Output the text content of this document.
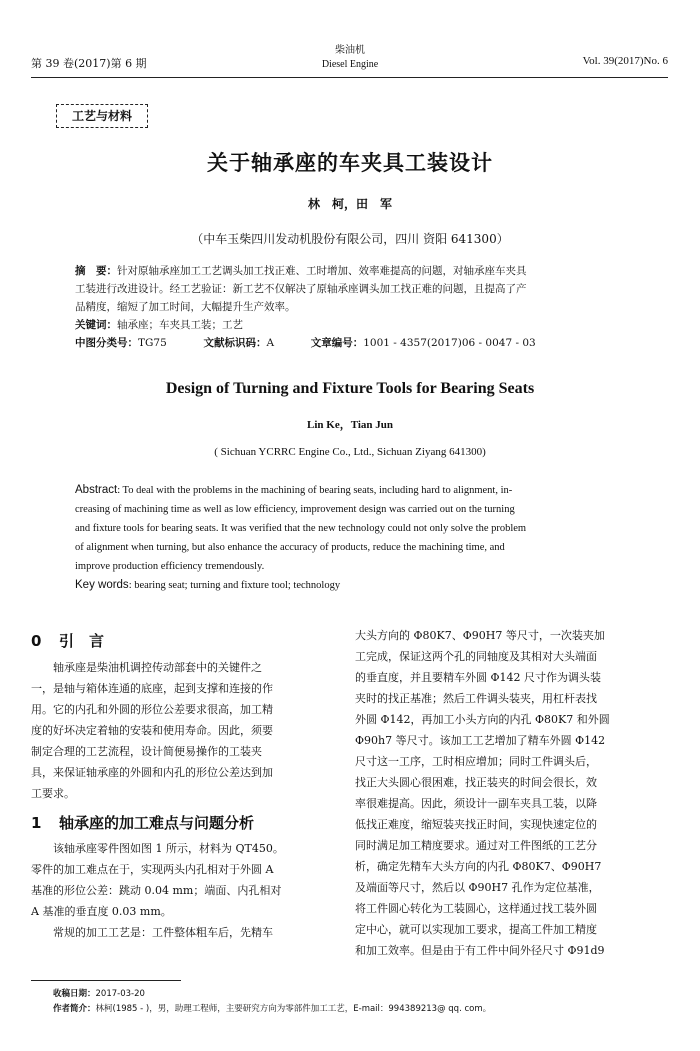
第 39 卷(2017)第 6 期
柴油机
Diesel Engine	Vol. 39(2017)No. 6
工艺与材料
关于轴承座的车夹具工装设计
林　柯，田　军
（中车玉柴四川发动机股份有限公司，四川 资阳 641300）
摘　要：针对原轴承座加工工艺调头加工找正难、工时增加、效率难提高的问题，对轴承座车夹具
工装进行改进设计。经工艺验证：新工艺不仅解决了原轴承座调头加工找正难的问题，且提高了产
品精度，缩短了加工时间，大幅提升生产效率。
关键词：轴承座；车夹具工装；工艺
中图分类号：TG75	文献标识码：A	文章编号：1001 - 4357(2017)06 - 0047 - 03
Design of Turning and Fixture Tools for Bearing Seats
Lin Ke，Tian Jun
( Sichuan YCRRC Engine Co., Ltd., Sichuan Ziyang 641300)
Abstract: To deal with the problems in the machining of bearing seats, including hard to alignment, in-
creasing of machining time as well as low efficiency, improvement design was carried out on the turning
and fixture tools for bearing seats. It was verified that the new technology could not only solve the problem
of alignment when turning, but also enhance the accuracy of products, reduce the machining time, and
improve production efficiency tremendously.
Key words: bearing seat; turning and fixture tool; technology
0 引　言

轴承座是柴油机调控传动部套中的关键件之

一，是轴与箱体连通的底座，起到支撑和连接的作
用。它的内孔和外圆的形位公差要求很高，加工精
度的好坏决定着轴的安装和使用寿命。因此，须要
制定合理的工艺流程，设计简便易操作的工装夹
具，来保证轴承座的外圆和内孔的形位公差达到加
工要求。
1 轴承座的加工难点与问题分析

该轴承座零件图如图 1 所示，材料为 QT450。

零件的加工难点在于，实现两头内孔相对于外圆 A
基准的形位公差：跳动 0.04 mm；端面、内孔相对
A 基准的垂直度 0.03 mm。

常规的加工工艺是：工件整体粗车后，先精车

大头方向的 Φ80K7、Φ90H7 等尺寸，一次装夹加
工完成，保证这两个孔的同轴度及其相对大头端面
的垂直度，并且要精车外圆 Φ142 尺寸作为调头装
夹时的找正基准；然后工件调头装夹，用杠杆表找
外圆 Φ142，再加工小头方向的内孔 Φ80K7 和外圆
Φ90h7 等尺寸。该加工工艺增加了精车外圆 Φ142
尺寸这一工序，工时相应增加；同时工件调头后，
找正大头圆心很困难，找正装夹的时间会很长，效
率很难提高。因此，须设计一副车夹具工装，以降
低找正难度，缩短装夹找正时间，实现快速定位的
同时满足加工精度要求。通过对工件图纸的工艺分
析，确定先精车大头方向的内孔 Φ80K7、Φ90H7
及端面等尺寸，然后以 Φ90H7 孔作为定位基准，
将工件圆心转化为工装圆心，这样通过找工装外圆
定中心，就可以实现加工要求，提高工件加工精度
和加工效率。但是由于有工件中间外径尺寸 Φ91d9
收稿日期：2017-03-20
作者简介：林柯(1985 - )，男，助理工程师，主要研究方向为零部件加工工艺，E-mail：994389213@ qq. com。
